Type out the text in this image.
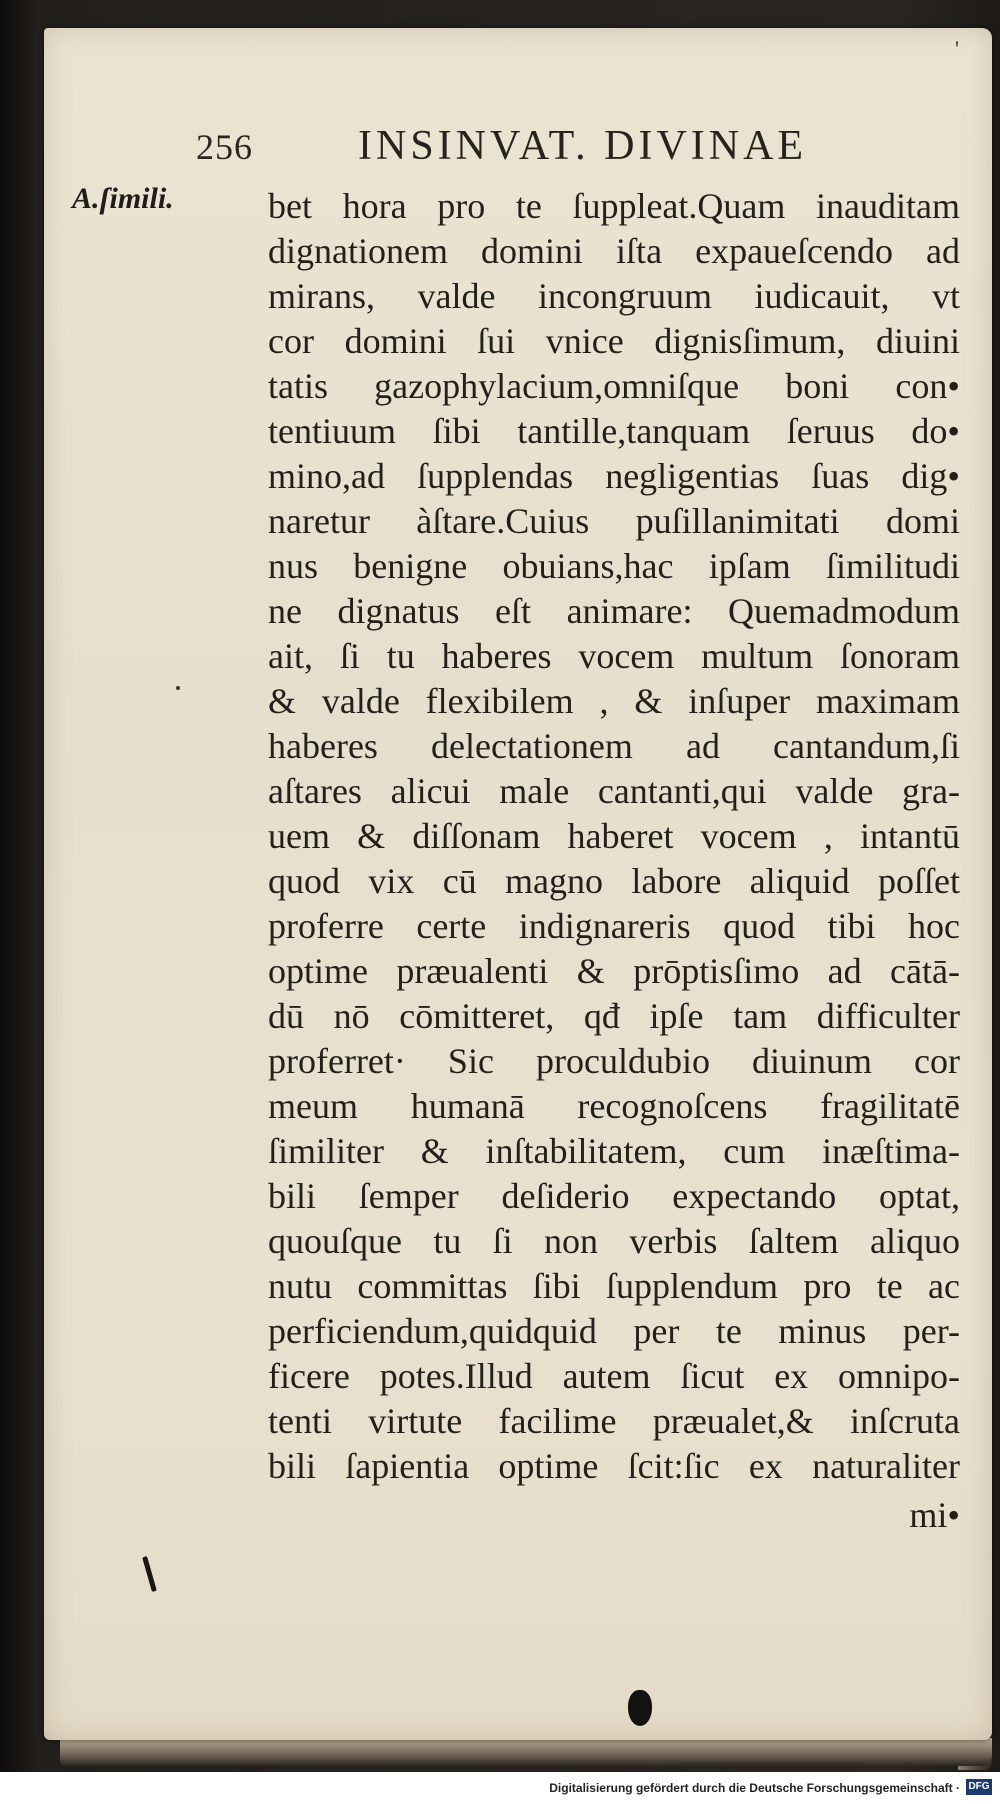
'
256	INSINVAT. DIVINAE
A.ſimili.	bet hora pro te ſuppleat.Quam inauditam
dignationem domini iſta expaueſcendo ad
mirans, valde incongruum iudicauit, vt
cor domini ſui vnice dignisſimum, diuini
tatis gazophylacium,omniſque boni con•
tentiuum ſibi tantille,tanquam ſeruus do•
mino,ad ſupplendas negligentias ſuas dig•
naretur àſtare.Cuius puſillanimitati domi
nus benigne obuians,hac ipſam ſimilitudi
ne dignatus eſt animare: Quemadmodum
ait, ſi tu haberes vocem multum ſonoram
& valde flexibilem , & inſuper maximam
haberes delectationem ad cantandum,ſi
aſtares alicui male cantanti,qui valde gra-
uem & diſſonam haberet vocem , intantū
quod vix cū magno labore aliquid poſſet
proferre certe indignareris quod tibi hoc
optime præualenti & prōptisſimo ad cātā-
dū nō cōmitteret, qđ ipſe tam difficulter
proferret· Sic proculdubio diuinum cor
meum humanā recognoſcens fragilitatē
ſimiliter & inſtabilitatem, cum inæſtima-
bili ſemper deſiderio expectando optat,
quouſque tu ſi non verbis ſaltem aliquo
nutu committas ſibi ſupplendum pro te ac
perficiendum,quidquid per te minus per-
ficere potes.Illud autem ſicut ex omnipo-
tenti virtute facilime præualet,& inſcruta
bili ſapientia optime ſcit:ſic ex naturaliter
mi•
Digitalisierung gefördert durch die Deutsche Forschungsgemeinschaft · DFG
